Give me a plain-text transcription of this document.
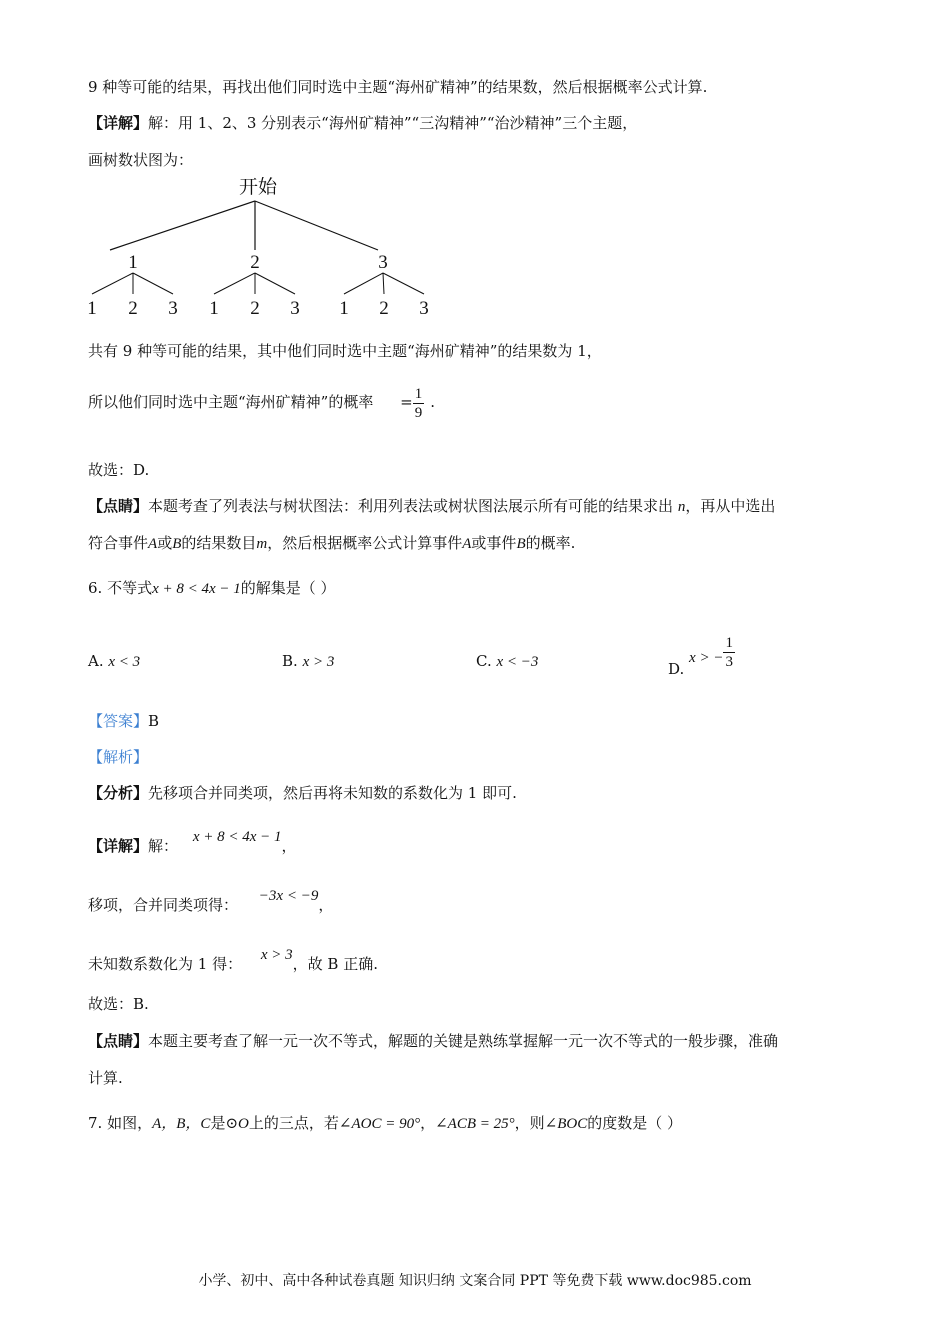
9 种等可能的结果，再找出他们同时选中主题“海州矿精神”的结果数，然后根据概率公式计算.
【详解】解：用 1、2、3 分别表示“海州矿精神”“三沟精神”“治沙精神”三个主题，
画树数状图为：
开始
1	2	3
1 2 3 1 2 3 1 2 3
共有 9 种等可能的结果，其中他们同时选中主题“海州矿精神”的结果数为 1，
所以他们同时选中主题“海州矿精神”的概率 = $\frac{1}{9}$ .
故选：D.
【点睛】本题考查了列表法与树状图法：利用列表法或树状图法展示所有可能的结果求出 n，再从中选出
符合事件A或B的结果数目m，然后根据概率公式计算事件A或事件B的概率.
6. 不等式x + 8 < 4x − 1的解集是（ ）
A. x < 3	B. x > 3	C. x < −3	D. x > − $\frac{1}{3}$
【答案】B
【解析】
【分析】先移项合并同类项，然后再将未知数的系数化为 1 即可.
【详解】解： x + 8 < 4x − 1，
移项，合并同类项得： −3x < −9，
未知数系数化为 1 得： x > 3，故 B 正确.
故选：B.
【点睛】本题主要考查了解一元一次不等式，解题的关键是熟练掌握解一元一次不等式的一般步骤，准确
计算.
7. 如图，A，B，C是⊙O上的三点，若∠AOC = 90°，∠ACB = 25°，则∠BOC的度数是（ ）
小学、初中、高中各种试卷真题 知识归纳 文案合同 PPT 等免费下载 www.doc985.com
